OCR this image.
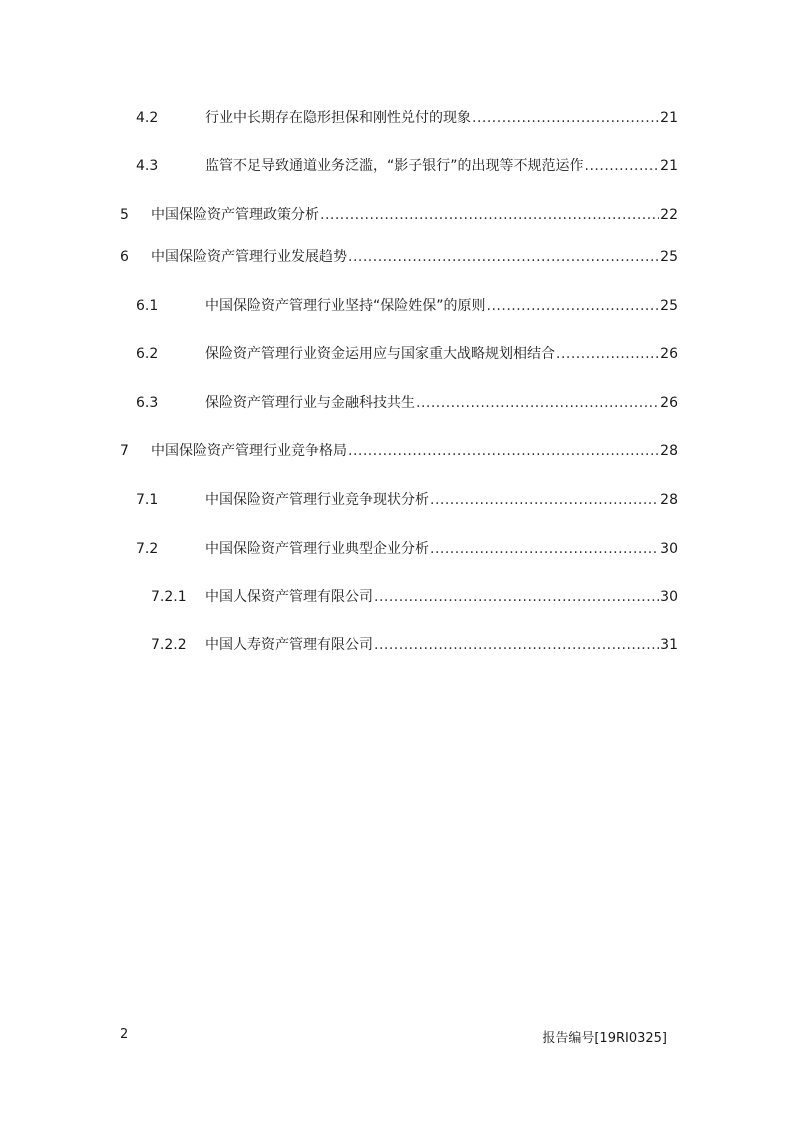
4.2	行业中长期存在隐形担保和刚性兑付的现象 .....	21
4.3	监管不足导致通道业务泛滥，“影子银行”的出现等不规范运作 .....	21
5 中国保险资产管理政策分析 .....	22
6 中国保险资产管理行业发展趋势 .....	25
6.1	中国保险资产管理行业坚持“保险姓保”的原则 .....	25
6.2	保险资产管理行业资金运用应与国家重大战略规划相结合 .....	26
6.3	保险资产管理行业与金融科技共生 .....	26
7 中国保险资产管理行业竞争格局 .....	28
7.1	中国保险资产管理行业竞争现状分析 .....	28
7.2	中国保险资产管理行业典型企业分析 .....	30
7.2.1 中国人保资产管理有限公司 .....	30
7.2.2 中国人寿资产管理有限公司 .....	31
2	报告编号[19RI0325]
